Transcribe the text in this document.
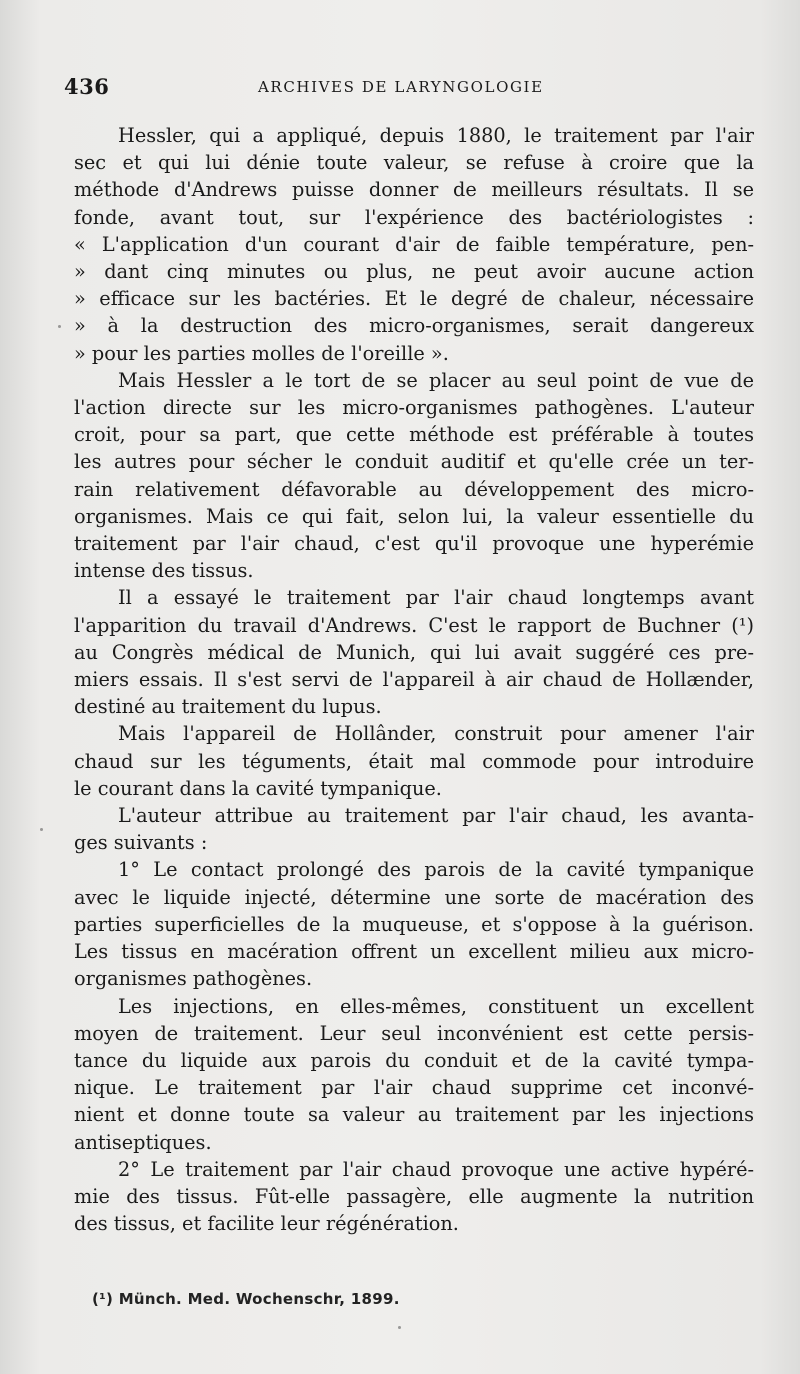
436	ARCHIVES DE LARYNGOLOGIE
Hessler, qui a appliqué, depuis 1880, le traitement par l'air
sec et qui lui dénie toute valeur, se refuse à croire que la
méthode d'Andrews puisse donner de meilleurs résultats. Il se
fonde, avant tout, sur l'expérience des bactériologistes :
« L'application d'un courant d'air de faible température, pen-
» dant cinq minutes ou plus, ne peut avoir aucune action
» efficace sur les bactéries. Et le degré de chaleur, nécessaire
» à la destruction des micro-organismes, serait dangereux
» pour les parties molles de l'oreille ».
Mais Hessler a le tort de se placer au seul point de vue de
l'action directe sur les micro-organismes pathogènes. L'auteur
croit, pour sa part, que cette méthode est préférable à toutes
les autres pour sécher le conduit auditif et qu'elle crée un ter-
rain relativement défavorable au développement des micro-
organismes. Mais ce qui fait, selon lui, la valeur essentielle du
traitement par l'air chaud, c'est qu'il provoque une hyperémie
intense des tissus.
Il a essayé le traitement par l'air chaud longtemps avant
l'apparition du travail d'Andrews. C'est le rapport de Buchner (¹)
au Congrès médical de Munich, qui lui avait suggéré ces pre-
miers essais. Il s'est servi de l'appareil à air chaud de Hollænder,
destiné au traitement du lupus.
Mais l'appareil de Hollânder, construit pour amener l'air
chaud sur les téguments, était mal commode pour introduire
le courant dans la cavité tympanique.
L'auteur attribue au traitement par l'air chaud, les avanta-
ges suivants :
1° Le contact prolongé des parois de la cavité tympanique
avec le liquide injecté, détermine une sorte de macération des
parties superficielles de la muqueuse, et s'oppose à la guérison.
Les tissus en macération offrent un excellent milieu aux micro-
organismes pathogènes.
Les injections, en elles-mêmes, constituent un excellent
moyen de traitement. Leur seul inconvénient est cette persis-
tance du liquide aux parois du conduit et de la cavité tympa-
nique. Le traitement par l'air chaud supprime cet inconvé-
nient et donne toute sa valeur au traitement par les injections
antiseptiques.
2° Le traitement par l'air chaud provoque une active hypéré-
mie des tissus. Fût-elle passagère, elle augmente la nutrition
des tissus, et facilite leur régénération.
(¹) Münch. Med. Wochenschr, 1899.
